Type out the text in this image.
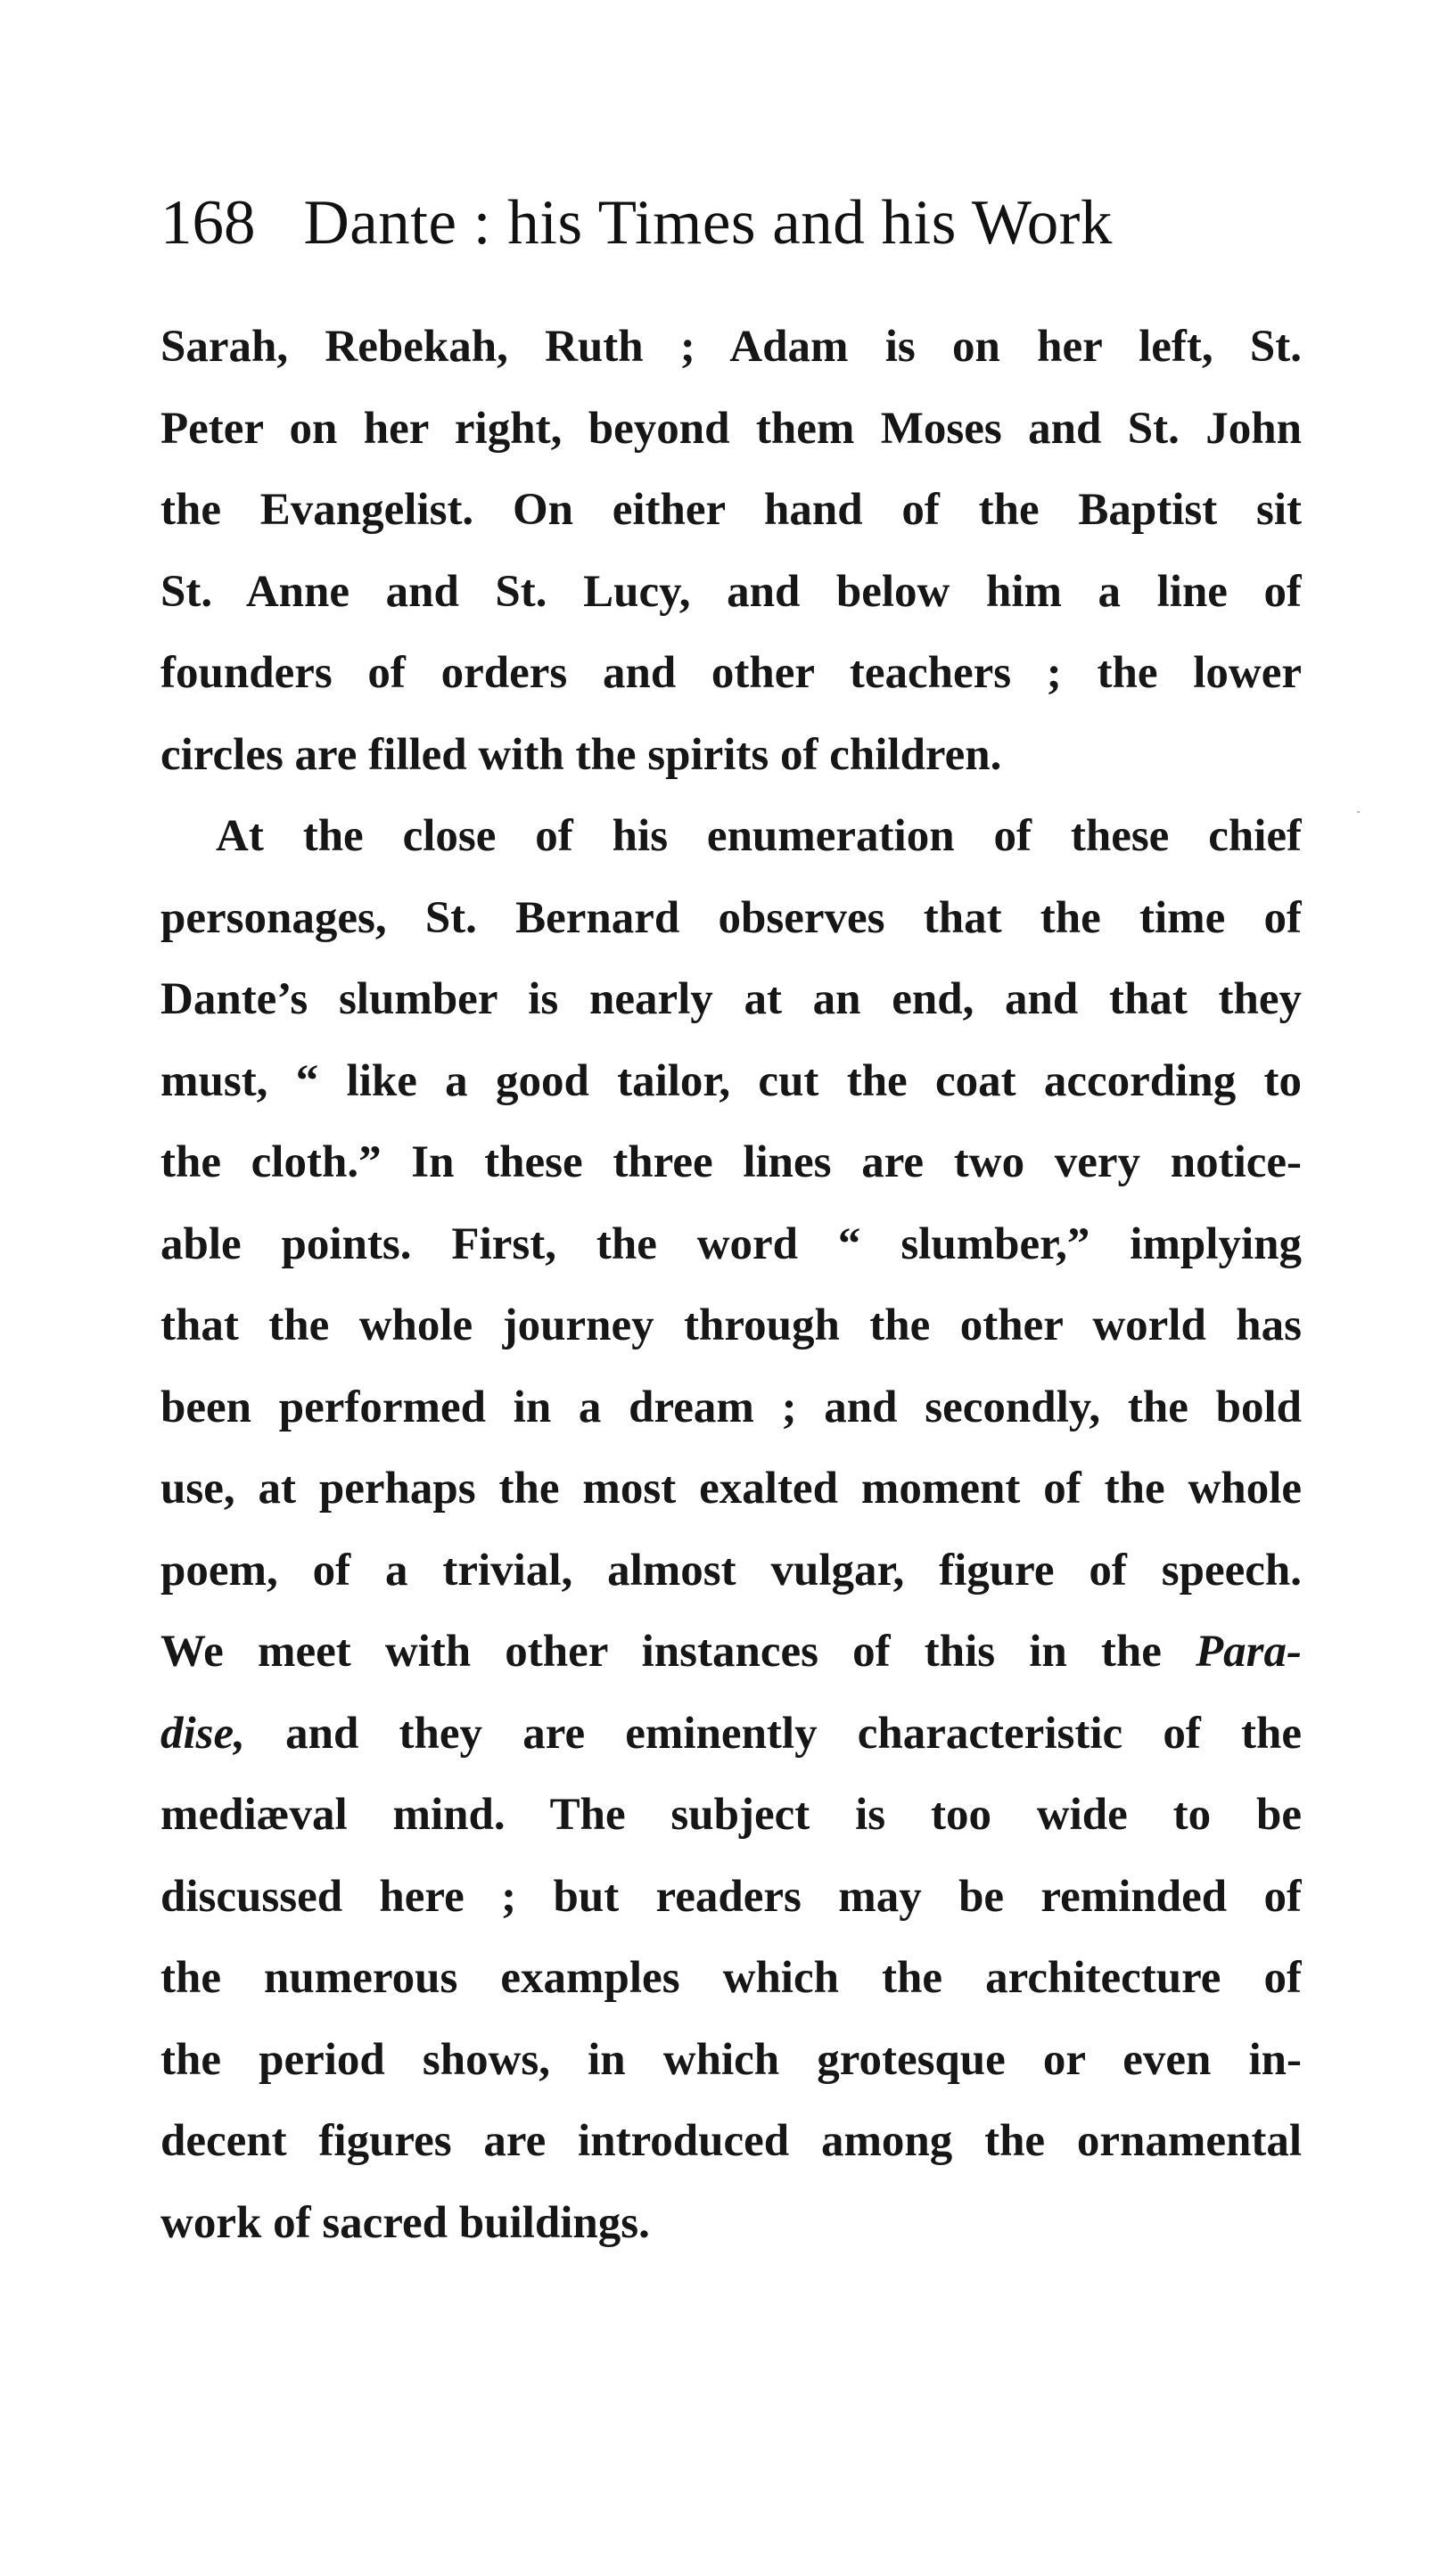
168 Dante : his Times and his Work
Sarah, Rebekah, Ruth ; Adam is on her left, St.
Peter on her right, beyond them Moses and St. John
the Evangelist. On either hand of the Baptist sit
St. Anne and St. Lucy, and below him a line of
founders of orders and other teachers ; the lower
circles are filled with the spirits of children.
At the close of his enumeration of these chief
personages, St. Bernard observes that the time of
Dante’s slumber is nearly at an end, and that they
must, “ like a good tailor, cut the coat according to
the cloth.” In these three lines are two very notice-
able points. First, the word “ slumber,” implying
that the whole journey through the other world has
been performed in a dream ; and secondly, the bold
use, at perhaps the most exalted moment of the whole
poem, of a trivial, almost vulgar, figure of speech.
We meet with other instances of this in the Para-
dise, and they are eminently characteristic of the
mediæval mind. The subject is too wide to be
discussed here ; but readers may be reminded of
the numerous examples which the architecture of
the period shows, in which grotesque or even in-
decent figures are introduced among the ornamental
work of sacred buildings.
